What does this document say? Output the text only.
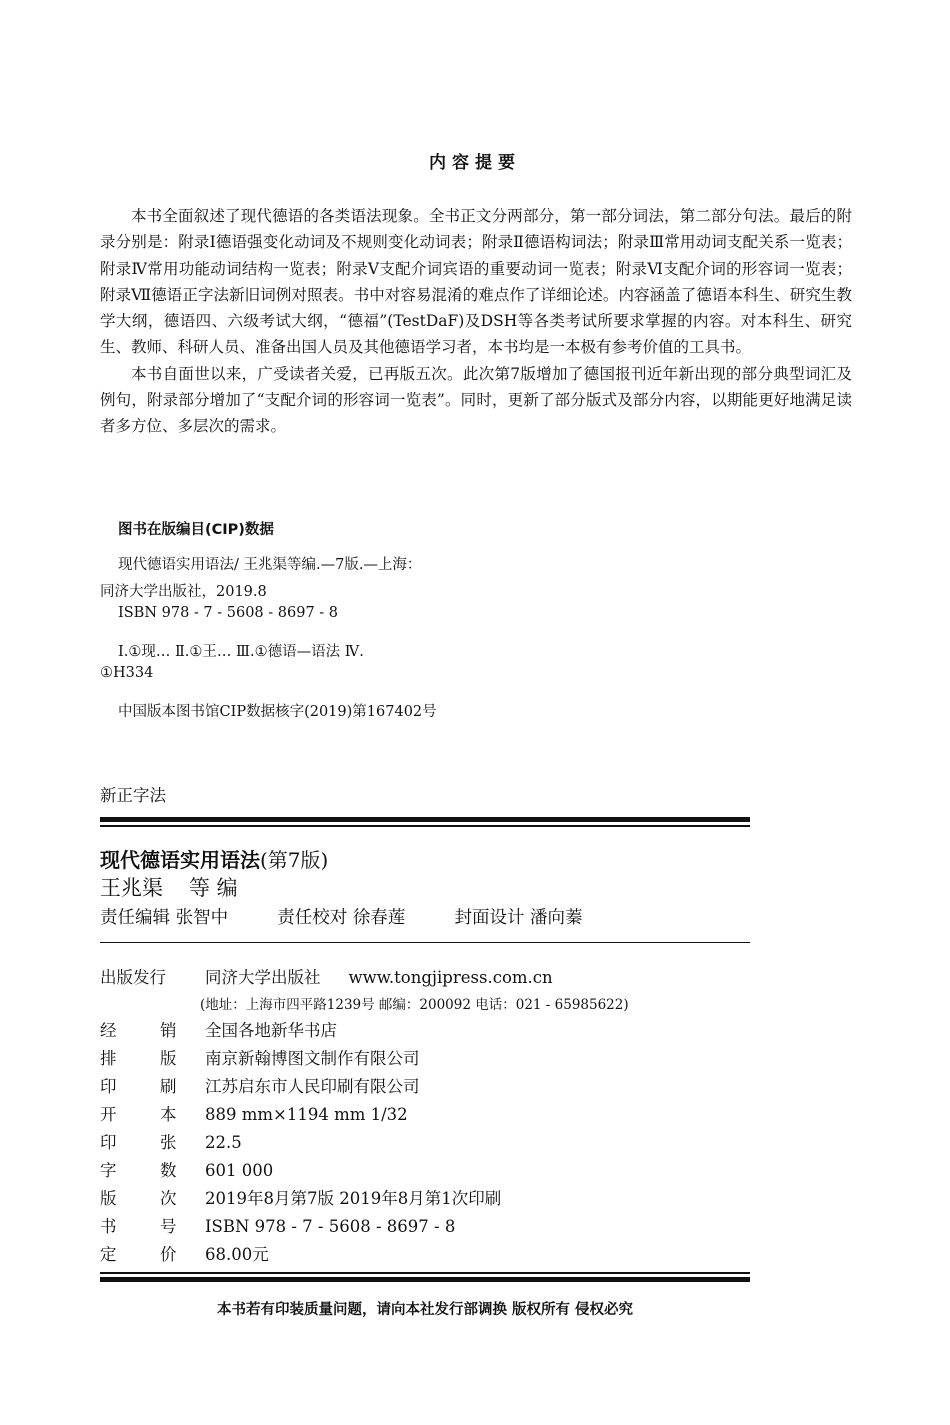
内容提要

本书全面叙述了现代德语的各类语法现象。全书正文分两部分，第一部分词法，第二部分句法。最后的附录分别是：附录Ⅰ德语强变化动词及不规则变化动词表；附录Ⅱ德语构词法；附录Ⅲ常用动词支配关系一览表；附录Ⅳ常用功能动词结构一览表；附录Ⅴ支配介词宾语的重要动词一览表；附录Ⅵ支配介词的形容词一览表；附录Ⅶ德语正字法新旧词例对照表。书中对容易混淆的难点作了详细论述。内容涵盖了德语本科生、研究生教学大纲，德语四、六级考试大纲，“德福”(TestDaF)及DSH等各类考试所要求掌握的内容。对本科生、研究生、教师、科研人员、准备出国人员及其他德语学习者，本书均是一本极有参考价值的工具书。

本书自面世以来，广受读者关爱，已再版五次。此次第7版增加了德国报刊近年新出现的部分典型词汇及例句，附录部分增加了“支配介词的形容词一览表”。同时，更新了部分版式及部分内容，以期能更好地满足读者多方位、多层次的需求。

图书在版编目(CIP)数据
现代德语实用语法/ 王兆渠等编.—7版.—上海：
同济大学出版社，2019.8
ISBN 978 - 7 - 5608 - 8697 - 8
Ⅰ.①现… Ⅱ.①王… Ⅲ.①德语—语法 Ⅳ.
①H334
中国版本图书馆CIP数据核字(2019)第167402号
新正字法
现代德语实用语法(第7版)
王兆渠 等 编
责任编辑 张智中	责任校对 徐春莲	封面设计 潘向蓁
出版发行 同济大学出版社 www.tongjipress.com.cn
(地址：上海市四平路1239号 邮编：200092 电话：021 - 65985622)
经	销 全国各地新华书店
排	版 南京新翰博图文制作有限公司
印	刷 江苏启东市人民印刷有限公司
开	本 889 mm×1194 mm 1/32
印	张 22.5
字	数 601 000
版	次 2019年8月第7版 2019年8月第1次印刷
书	号 ISBN 978 - 7 - 5608 - 8697 - 8
定	价 68.00元
本书若有印装质量问题，请向本社发行部调换 版权所有 侵权必究
